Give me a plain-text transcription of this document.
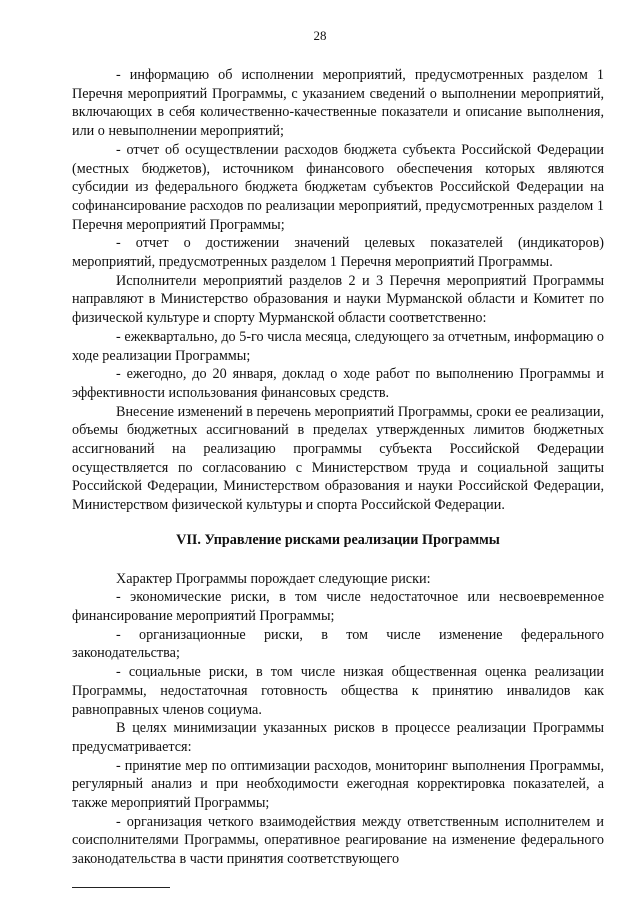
28

- информацию об исполнении мероприятий, предусмотренных разделом 1 Перечня мероприятий Программы, с указанием сведений о выполнении мероприятий, включающих в себя количественно-качественные показатели и описание выполнения, или о невыполнении мероприятий;

- отчет об осуществлении расходов бюджета субъекта Российской Федерации (местных бюджетов), источником финансового обеспечения которых являются субсидии из федерального бюджета бюджетам субъектов Российской Федерации на софинансирование расходов по реализации мероприятий, предусмотренных разделом 1 Перечня мероприятий Программы;

- отчет о достижении значений целевых показателей (индикаторов) мероприятий, предусмотренных разделом 1 Перечня мероприятий Программы.

Исполнители мероприятий разделов 2 и 3 Перечня мероприятий Программы направляют в Министерство образования и науки Мурманской области и Комитет по физической культуре и спорту Мурманской области соответственно:

- ежеквартально, до 5-го числа месяца, следующего за отчетным, информацию о ходе реализации Программы;

- ежегодно, до 20 января, доклад о ходе работ по выполнению Программы и эффективности использования финансовых средств.

Внесение изменений в перечень мероприятий Программы, сроки ее реализации, объемы бюджетных ассигнований в пределах утвержденных лимитов бюджетных ассигнований на реализацию программы субъекта Российской Федерации осуществляется по согласованию с Министерством труда и социальной защиты Российской Федерации, Министерством образования и науки Российской Федерации, Министерством физической культуры и спорта Российской Федерации.

VII. Управление рисками реализации Программы

Характер Программы порождает следующие риски:

- экономические риски, в том числе недостаточное или несвоевременное финансирование мероприятий Программы;

- организационные риски, в том числе изменение федерального законодательства;

- социальные риски, в том числе низкая общественная оценка реализации Программы, недостаточная готовность общества к принятию инвалидов как равноправных членов социума.

В целях минимизации указанных рисков в процессе реализации Программы предусматривается:

- принятие мер по оптимизации расходов, мониторинг выполнения Программы, регулярный анализ и при необходимости ежегодная корректировка показателей, а также мероприятий Программы;

- организация четкого взаимодействия между ответственным исполнителем и соисполнителями Программы, оперативное реагирование на изменение федерального законодательства в части принятия соответствующего
